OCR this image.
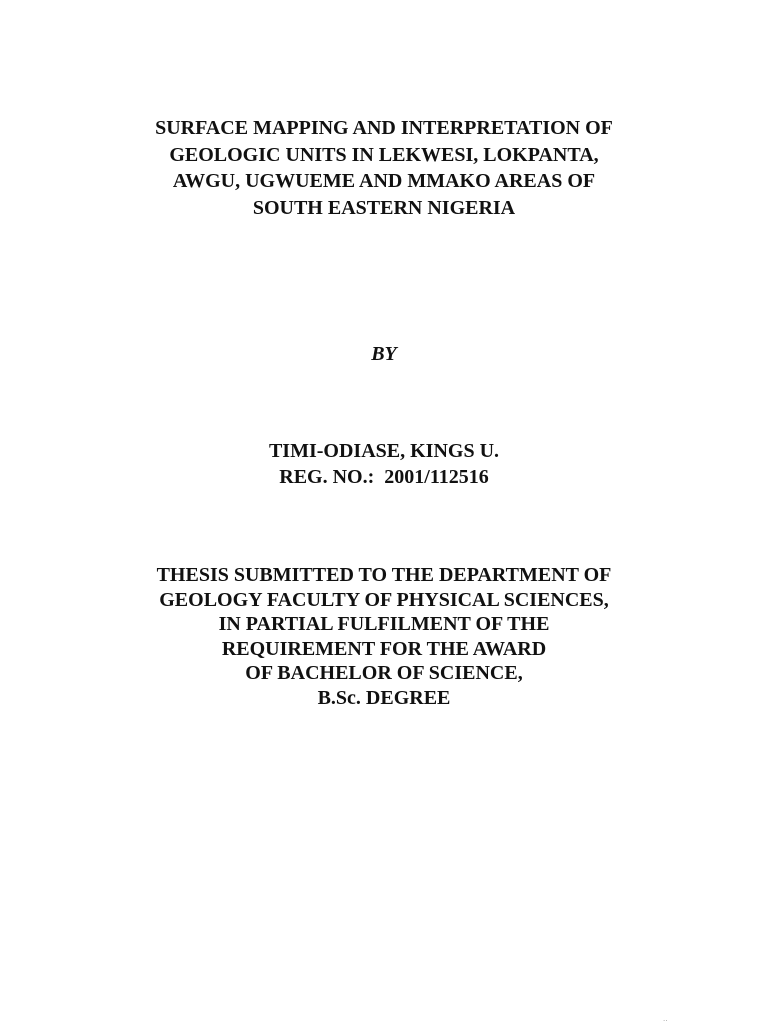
SURFACE MAPPING AND INTERPRETATION OF
GEOLOGIC UNITS IN LEKWESI, LOKPANTA,
AWGU, UGWUEME AND MMAKO AREAS OF
SOUTH EASTERN NIGERIA
BY
TIMI-ODIASE, KINGS U.
REG. NO.:  2001/112516
THESIS SUBMITTED TO THE DEPARTMENT OF
GEOLOGY FACULTY OF PHYSICAL SCIENCES,
IN PARTIAL FULFILMENT OF THE
REQUIREMENT FOR THE AWARD
OF BACHELOR OF SCIENCE,
B.Sc. DEGREE
..
